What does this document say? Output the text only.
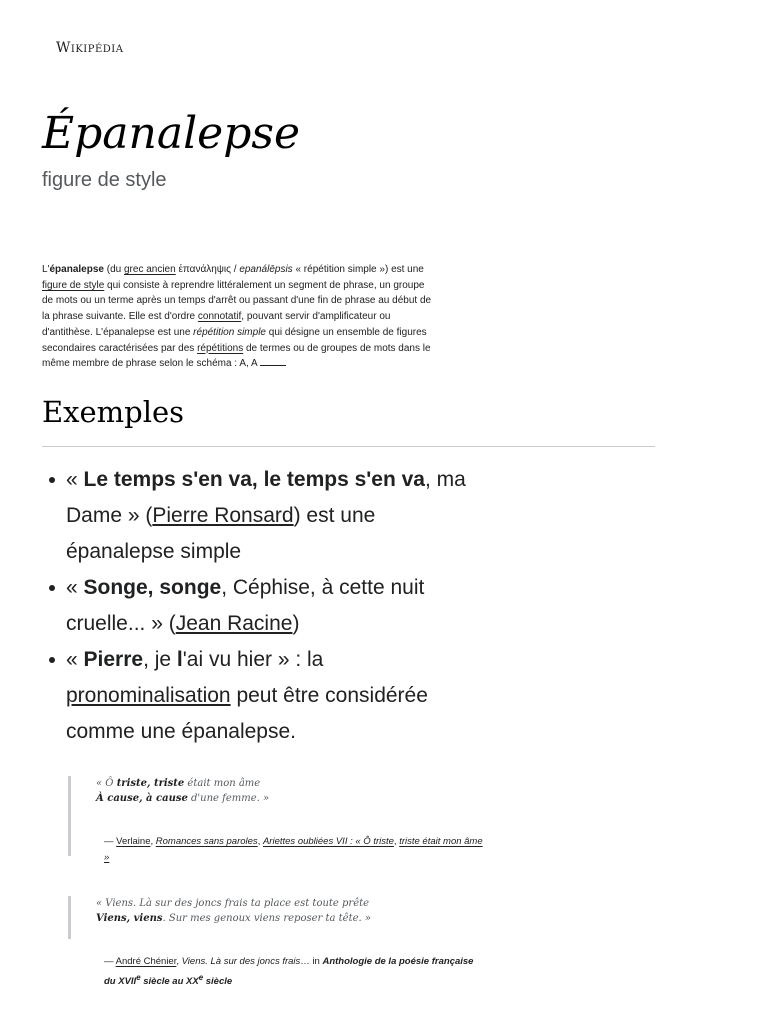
Wikipédia
Épanalepse

figure de style

L'épanalepse (du grec ancien ἐπανάληψις / epanálēpsis « répétition simple ») est une figure de style qui consiste à reprendre littéralement un segment de phrase, un groupe de mots ou un terme après un temps d'arrêt ou passant d'une fin de phrase au début de la phrase suivante. Elle est d'ordre connotatif, pouvant servir d'amplificateur ou d'antithèse. L'épanalepse est une répétition simple qui désigne un ensemble de figures secondaires caractérisées par des répétitions de termes ou de groupes de mots dans le même membre de phrase selon le schéma : A, A

Exemples
« Le temps s'en va, le temps s'en va, ma Dame » (Pierre Ronsard) est une épanalepse simple
« Songe, songe, Céphise, à cette nuit cruelle... » (Jean Racine)
« Pierre, je l'ai vu hier » : la pronominalisation peut être considérée comme une épanalepse.
« Ô triste, triste était mon âme
À cause, à cause d'une femme. »

— Verlaine, Romances sans paroles, Ariettes oubliées VII : « Ô triste, triste était mon âme »

« Viens. Là sur des joncs frais ta place est toute prête
Viens, viens. Sur mes genoux viens reposer ta tête. »

— André Chénier, Viens. Là sur des joncs frais… in Anthologie de la poésie française
du XVIIe siècle au XXe siècle
